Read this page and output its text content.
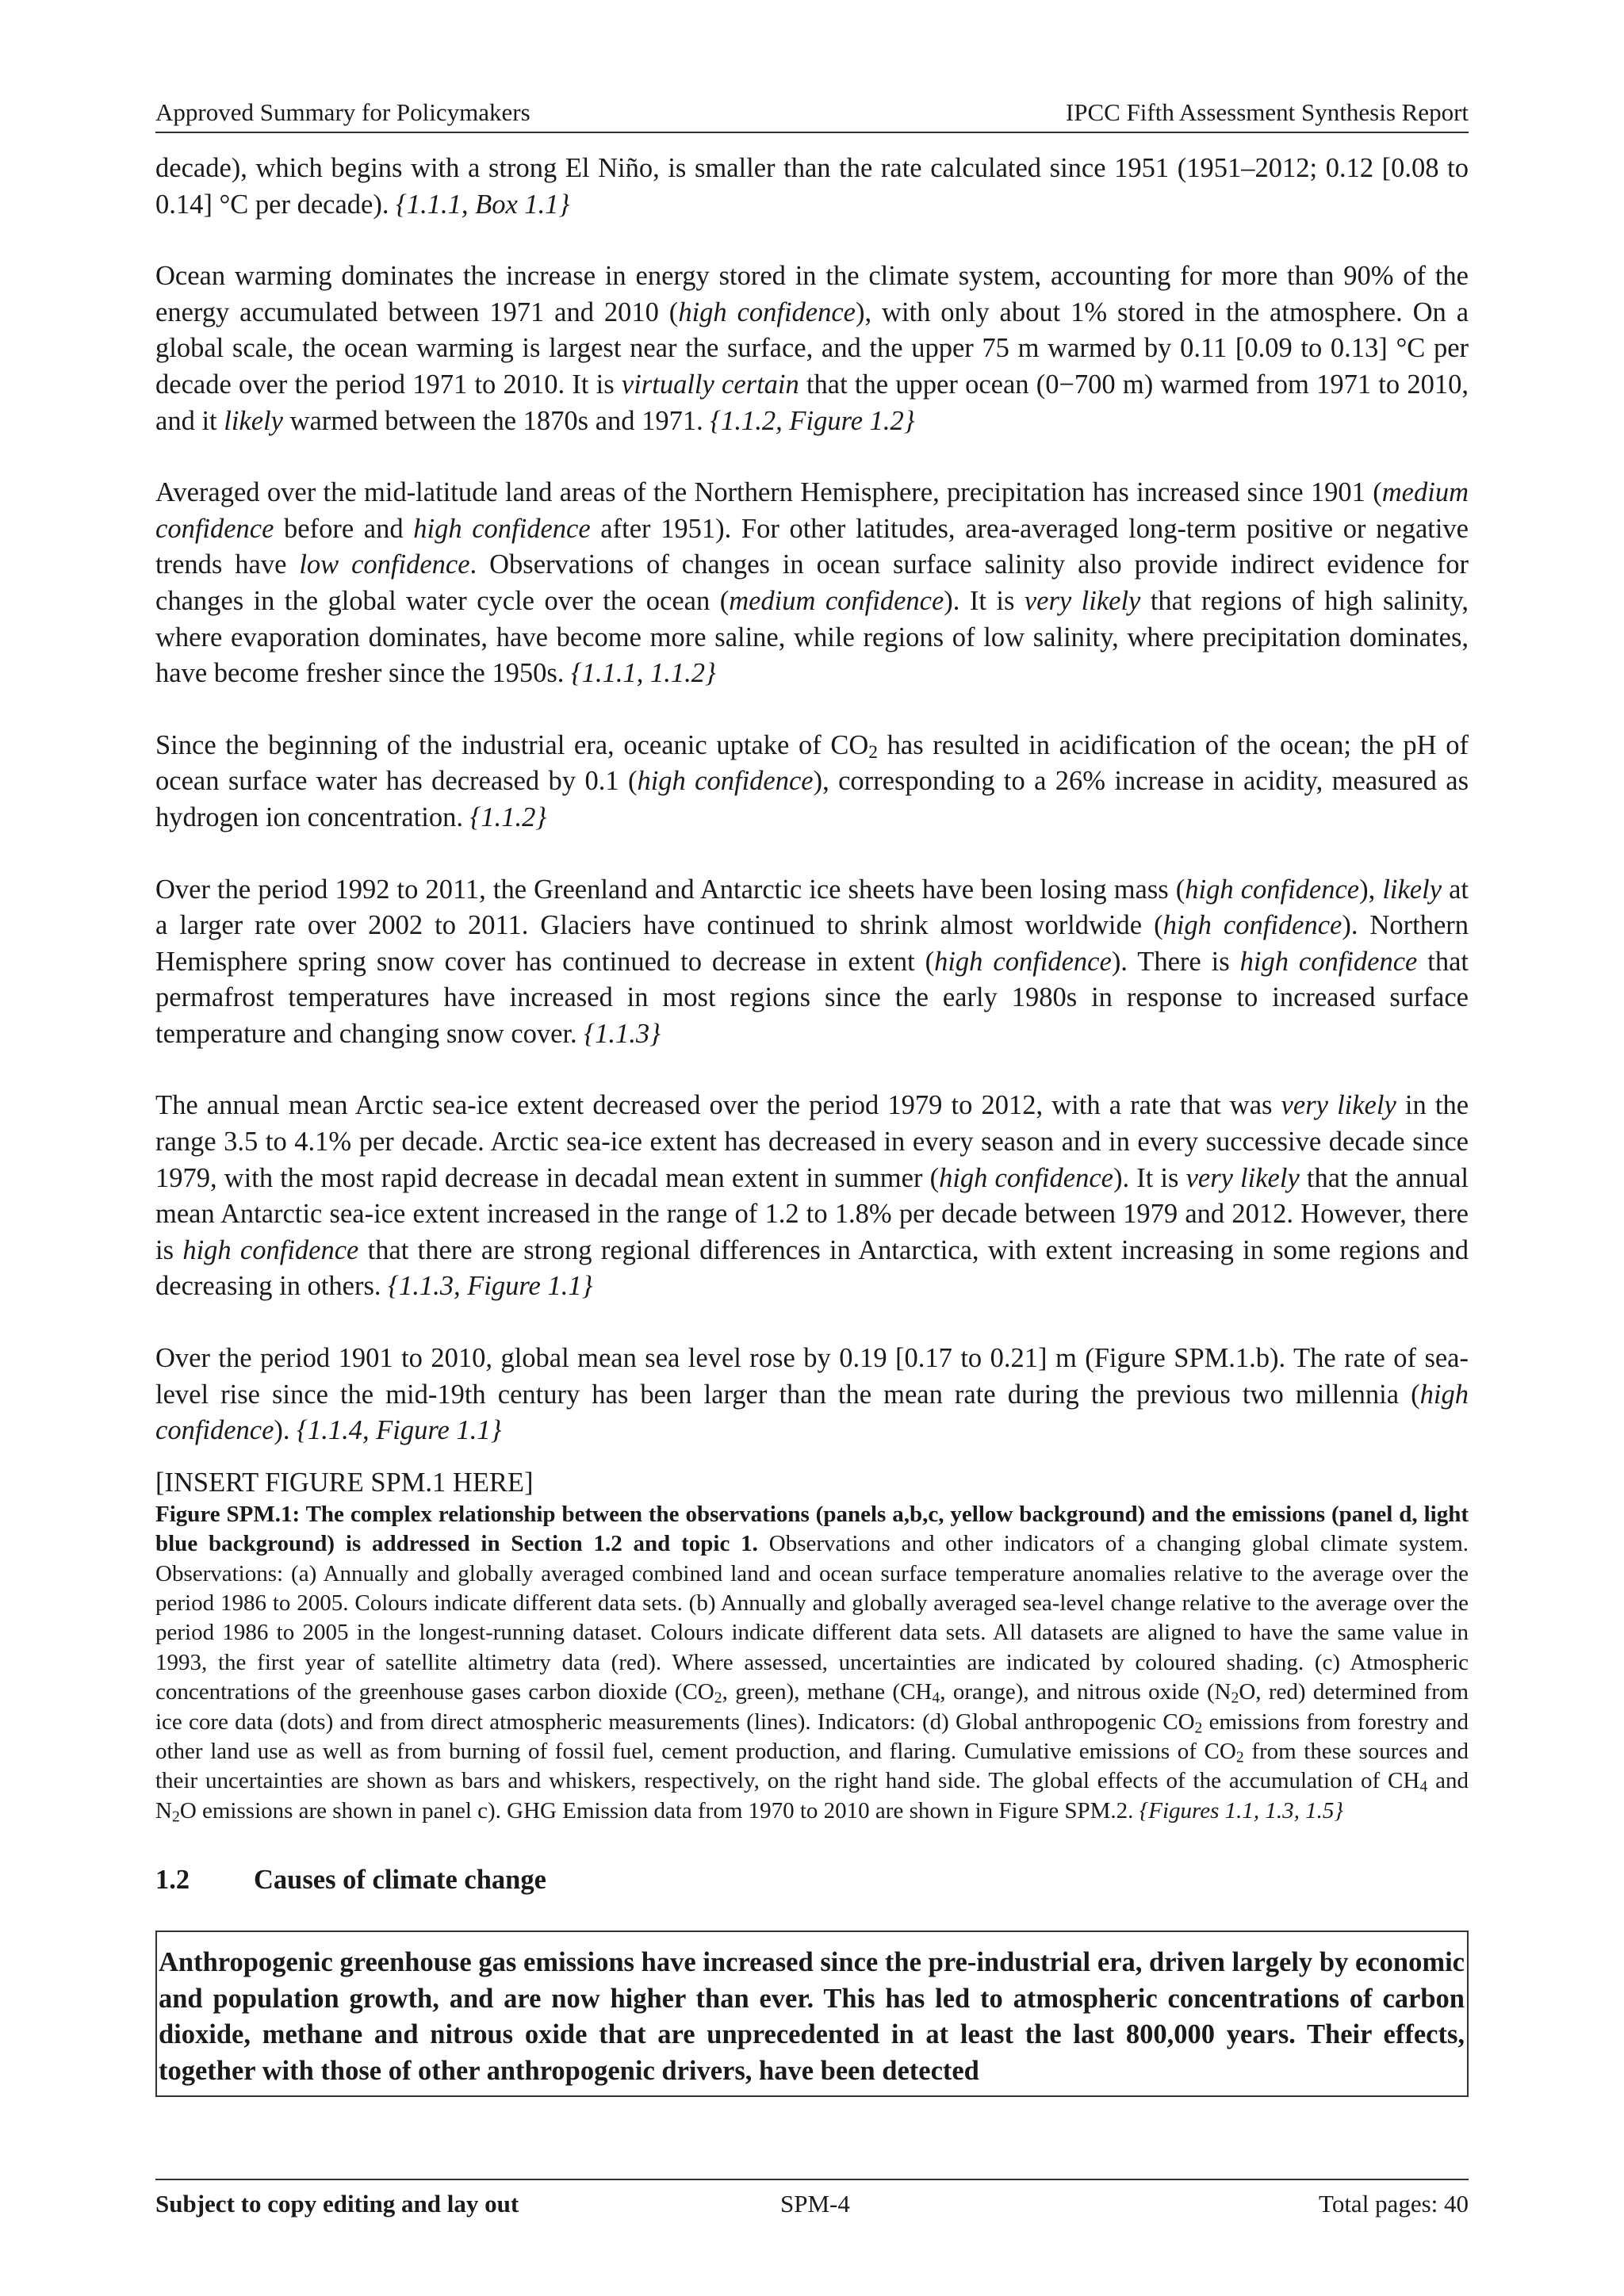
Approved Summary for Policymakers	IPCC Fifth Assessment Synthesis Report

decade), which begins with a strong El Niño, is smaller than the rate calculated since 1951 (1951–2012; 0.12 [0.08 to 0.14] °C per decade). {1.1.1, Box 1.1}

Ocean warming dominates the increase in energy stored in the climate system, accounting for more than 90% of the energy accumulated between 1971 and 2010 (high confidence), with only about 1% stored in the atmosphere. On a global scale, the ocean warming is largest near the surface, and the upper 75 m warmed by 0.11 [0.09 to 0.13] °C per decade over the period 1971 to 2010. It is virtually certain that the upper ocean (0−700 m) warmed from 1971 to 2010, and it likely warmed between the 1870s and 1971. {1.1.2, Figure 1.2}

Averaged over the mid-latitude land areas of the Northern Hemisphere, precipitation has increased since 1901 (medium confidence before and high confidence after 1951). For other latitudes, area-averaged long-term positive or negative trends have low confidence. Observations of changes in ocean surface salinity also provide indirect evidence for changes in the global water cycle over the ocean (medium confidence). It is very likely that regions of high salinity, where evaporation dominates, have become more saline, while regions of low salinity, where precipitation dominates, have become fresher since the 1950s. {1.1.1, 1.1.2}

Since the beginning of the industrial era, oceanic uptake of $CO_2$ has resulted in acidification of the ocean; the pH of ocean surface water has decreased by 0.1 (high confidence), corresponding to a 26% increase in acidity, measured as hydrogen ion concentration. {1.1.2}

Over the period 1992 to 2011, the Greenland and Antarctic ice sheets have been losing mass (high confidence), likely at a larger rate over 2002 to 2011. Glaciers have continued to shrink almost worldwide (high confidence). Northern Hemisphere spring snow cover has continued to decrease in extent (high confidence). There is high confidence that permafrost temperatures have increased in most regions since the early 1980s in response to increased surface temperature and changing snow cover. {1.1.3}

The annual mean Arctic sea-ice extent decreased over the period 1979 to 2012, with a rate that was very likely in the range 3.5 to 4.1% per decade. Arctic sea-ice extent has decreased in every season and in every successive decade since 1979, with the most rapid decrease in decadal mean extent in summer (high confidence). It is very likely that the annual mean Antarctic sea-ice extent increased in the range of 1.2 to 1.8% per decade between 1979 and 2012. However, there is high confidence that there are strong regional differences in Antarctica, with extent increasing in some regions and decreasing in others. {1.1.3, Figure 1.1}

Over the period 1901 to 2010, global mean sea level rose by 0.19 [0.17 to 0.21] m (Figure SPM.1.b). The rate of sea-level rise since the mid-19th century has been larger than the mean rate during the previous two millennia (high confidence). {1.1.4, Figure 1.1}

[INSERT FIGURE SPM.1 HERE]

Figure SPM.1: The complex relationship between the observations (panels a,b,c, yellow background) and the emissions (panel d, light blue background) is addressed in Section 1.2 and topic 1. Observations and other indicators of a changing global climate system. Observations: (a) Annually and globally averaged combined land and ocean surface temperature anomalies relative to the average over the period 1986 to 2005. Colours indicate different data sets. (b) Annually and globally averaged sea-level change relative to the average over the period 1986 to 2005 in the longest-running dataset. Colours indicate different data sets. All datasets are aligned to have the same value in 1993, the first year of satellite altimetry data (red). Where assessed, uncertainties are indicated by coloured shading. (c) Atmospheric concentrations of the greenhouse gases carbon dioxide ($CO_2$, green), methane ($CH_4$, orange), and nitrous oxide ($N_2O$, red) determined from ice core data (dots) and from direct atmospheric measurements (lines). Indicators: (d) Global anthropogenic $CO_2$ emissions from forestry and other land use as well as from burning of fossil fuel, cement production, and flaring. Cumulative emissions of $CO_2$ from these sources and their uncertainties are shown as bars and whiskers, respectively, on the right hand side. The global effects of the accumulation of $CH_4$ and $N_2O$ emissions are shown in panel c). GHG Emission data from 1970 to 2010 are shown in Figure SPM.2. {Figures 1.1, 1.3, 1.5}

1.2 Causes of climate change
Anthropogenic greenhouse gas emissions have increased since the pre-industrial era, driven largely by economic and population growth, and are now higher than ever. This has led to atmospheric concentrations of carbon dioxide, methane and nitrous oxide that are unprecedented in at least the last 800,000 years. Their effects, together with those of other anthropogenic drivers, have been detected
Subject to copy editing and lay out	SPM-4	Total pages: 40
